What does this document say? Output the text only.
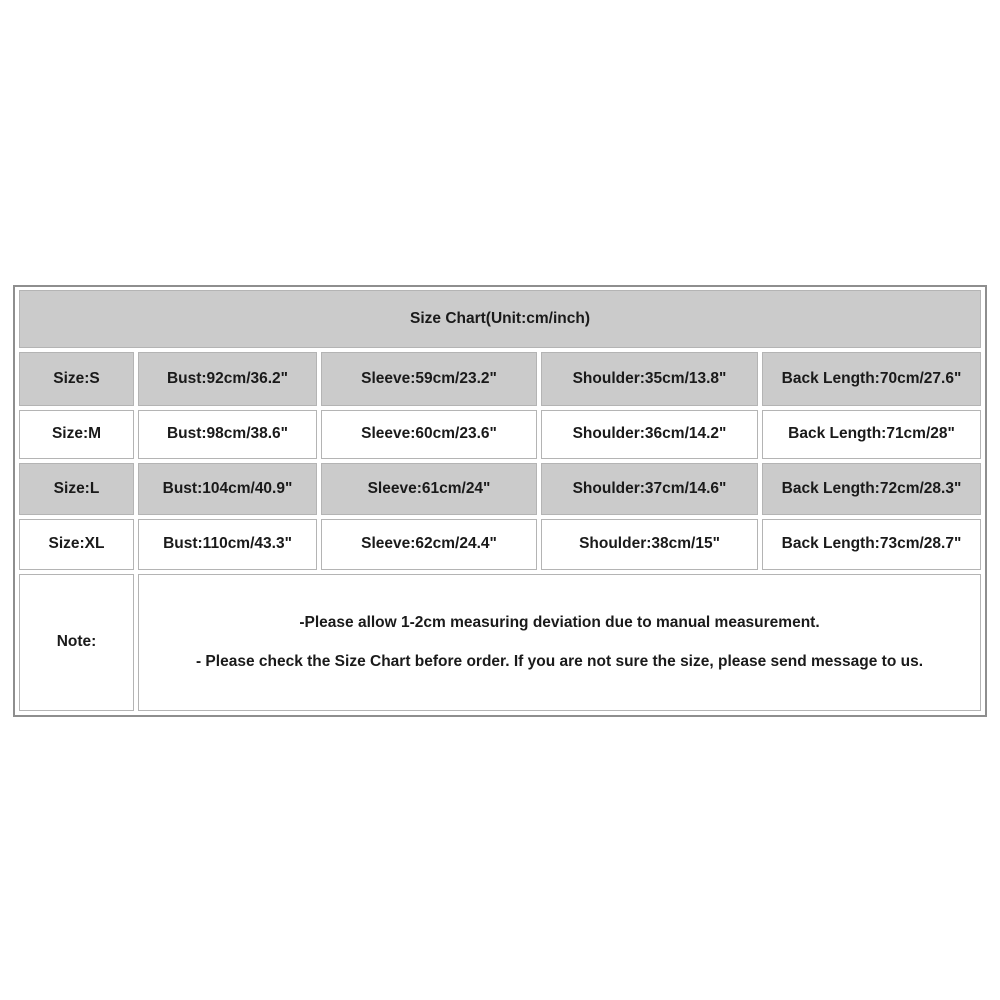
Size Chart(Unit:cm/inch)
Size:S	Bust:92cm/36.2"	Sleeve:59cm/23.2"	Shoulder:35cm/13.8"	Back Length:70cm/27.6"
Size:M	Bust:98cm/38.6"	Sleeve:60cm/23.6"	Shoulder:36cm/14.2"	Back Length:71cm/28"
Size:L	Bust:104cm/40.9"	Sleeve:61cm/24"	Shoulder:37cm/14.6"	Back Length:72cm/28.3"
Size:XL	Bust:110cm/43.3"	Sleeve:62cm/24.4"	Shoulder:38cm/15"	Back Length:73cm/28.7"
Note:
-Please allow 1-2cm measuring deviation due to manual measurement.
- Please check the Size Chart before order. If you are not sure the size, please send message to us.
